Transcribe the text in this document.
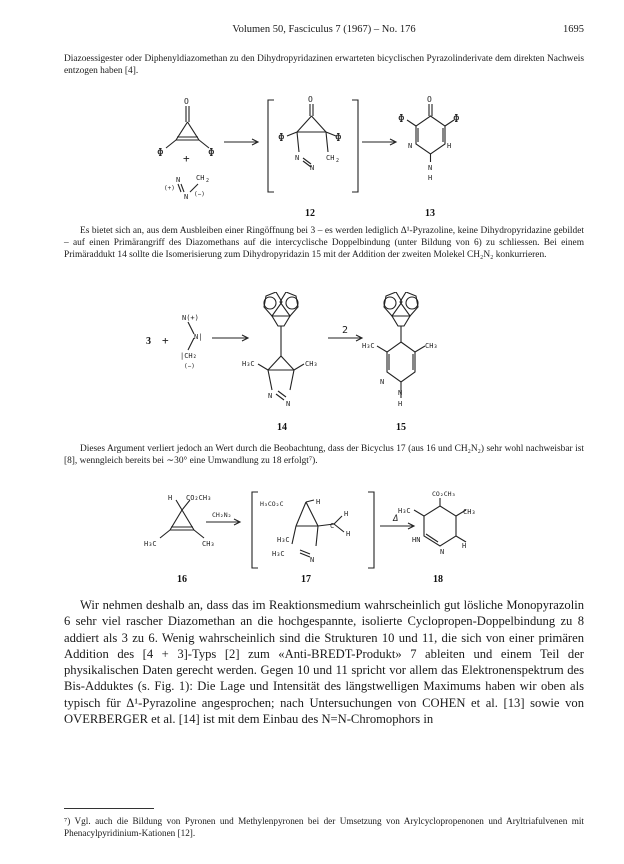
Volumen 50, Fasciculus 7 (1967) – No. 176	1695

Diazoessigester oder Diphenyldiazomethan zu den Dihydropyridazinen erwarteten bicyclischen Pyrazolinderivate dem direkten Nachweis entzogen haben [4].

O
Φ	Φ
+
N
N
CH 2
(+)
(−)
O
Φ	Φ
N
N
CH 2
O
Φ	Φ
N
N
H
H
12	13

Es bietet sich an, aus dem Ausbleiben einer Ringöffnung bei 3 – es werden lediglich Δ¹-Pyrazoline, keine Dihydropyridazine gebildet – auf einen Primärangriff des Diazomethans auf die intercyclische Doppelbindung (unter Bildung von 6) zu schliessen. Bei einem Primäraddukt 14 sollte die Isomerisierung zum Dihydropyridazin 15 mit der Addition der zweiten Molekel CH₂N₂ konkurrieren.

3 +
N(+)
N|
|CH₂
(−)	H₃C	CH₃
N
N
2
H₃C	CH₃
N
N
H
14	15

Dieses Argument verliert jedoch an Wert durch die Beobachtung, dass der Bicyclus 17 (aus 16 und CH₂N₂) sehr wohl nachweisbar ist [8], wenngleich bereits bei ∼30° eine Umwandlung zu 18 erfolgt⁷).

H CO₂CH₃
H₃C	CH₃
CH₂N₂
H₃CO₂C	H
H₃C
H₃C
C
H
H
N
Δ
CO₂CH₃
H₃C	CH₃
H
HN
N
16	17	18

Wir nehmen deshalb an, dass das im Reaktionsmedium wahrscheinlich gut lösliche Monopyrazolin 6 sehr viel rascher Diazomethan an die hochgespannte, isolierte Cyclopropen-Doppelbindung zu 8 addiert als 3 zu 6. Wenig wahrscheinlich sind die Strukturen 10 und 11, die sich von einer primären Addition des [4 + 3]-Typs [2] zum «Anti-BREDT-Produkt» 7 ableiten und einem Teil der physikalischen Daten gerecht werden. Gegen 10 und 11 spricht vor allem das Elektronenspektrum des Bis-Adduktes (s. Fig. 1): Die Lage und Intensität des längstwelligen Maximums haben wir oben als typisch für Δ¹-Pyrazoline angesprochen; nach Untersuchungen von COHEN et al. [13] sowie von OVERBERGER et al. [14] ist mit dem Einbau des N=N-Chromophors in

⁷) Vgl. auch die Bildung von Pyronen und Methylenpyronen bei der Umsetzung von Arylcyclopropenonen und Aryltriafulvenen mit Phenacylpyridinium-Kationen [12].
